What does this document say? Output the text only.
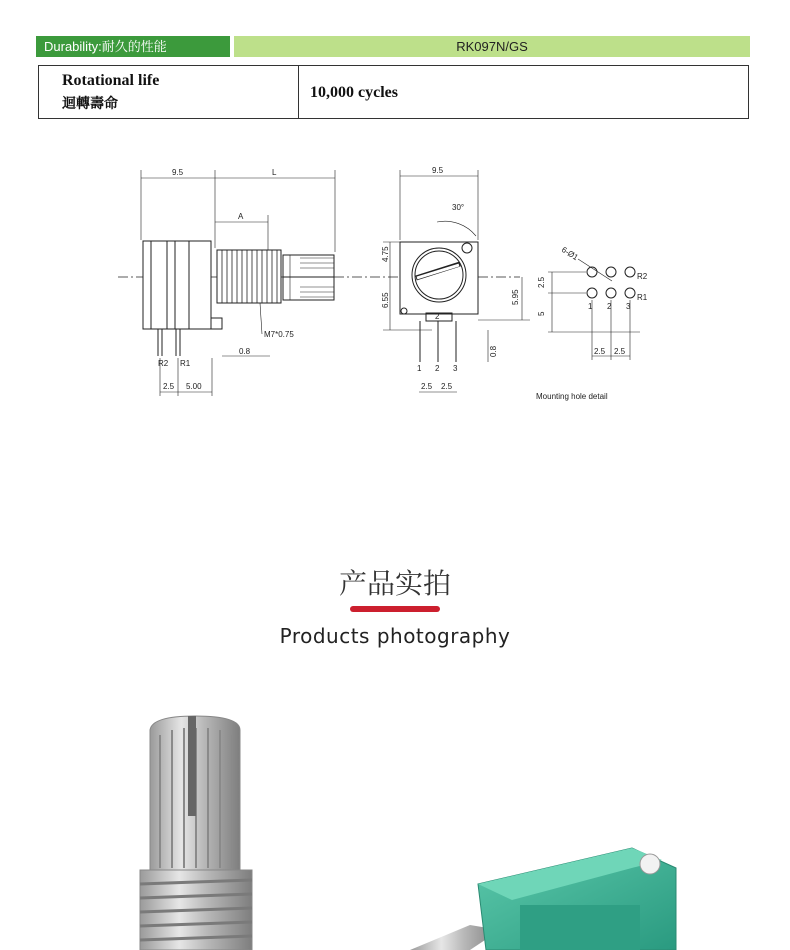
Durability:耐久的性能	RK097N/GS
Rotational life
迴轉壽命
10,000 cycles
9.5	L
A
M7*0.75
0.8
R2 R1
2.5 5.00
9.5
30°
4.75
6.55	5.95
0.8
1 2 3
2
2.5 2.5
6-Ø1
R2
R1
1 2 3
2.5
5
2.5 2.5
Mounting hole detail
产品实拍
Products photography
